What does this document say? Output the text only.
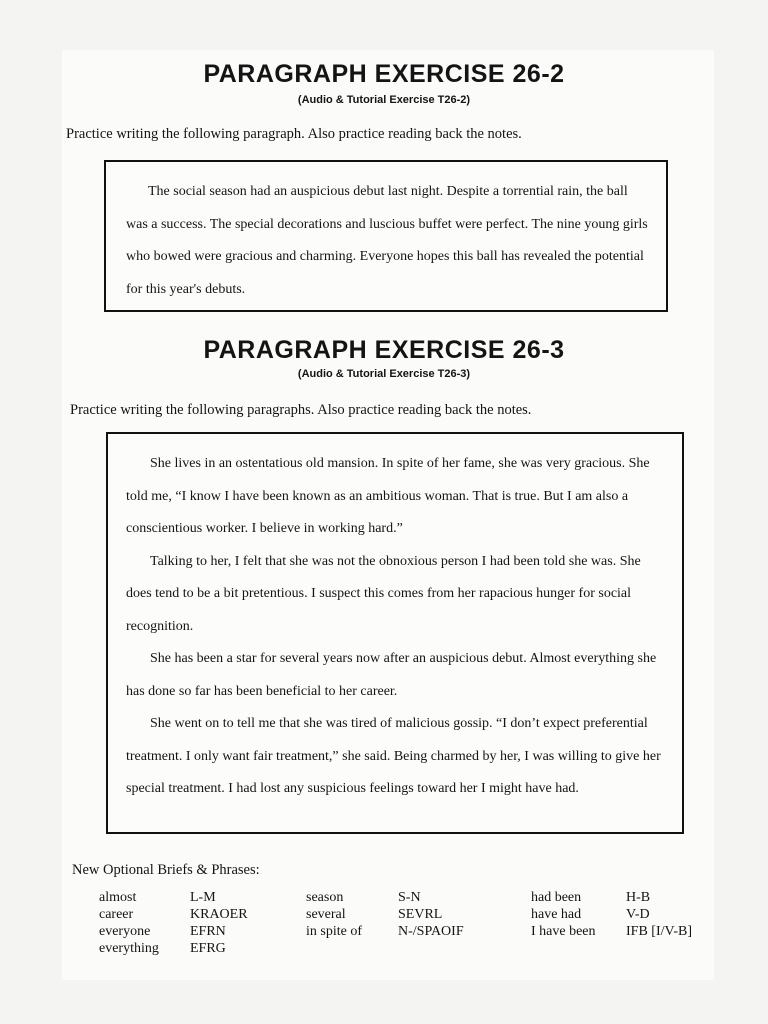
PARAGRAPH EXERCISE 26-2
(Audio & Tutorial Exercise T26-2)
Practice writing the following paragraph. Also practice reading back the notes.

The social season had an auspicious debut last night. Despite a torrential rain, the ball was a success. The special decorations and luscious buffet were perfect. The nine young girls who bowed were gracious and charming. Everyone hopes this ball has revealed the potential for this year's debuts.

PARAGRAPH EXERCISE 26-3
(Audio & Tutorial Exercise T26-3)
Practice writing the following paragraphs. Also practice reading back the notes.

She lives in an ostentatious old mansion. In spite of her fame, she was very gracious. She told me, “I know I have been known as an ambitious woman. That is true. But I am also a conscientious worker. I believe in working hard.”

Talking to her, I felt that she was not the obnoxious person I had been told she was. She does tend to be a bit pretentious. I suspect this comes from her rapacious hunger for social recognition.

She has been a star for several years now after an auspicious debut. Almost everything she has done so far has been beneficial to her career.

She went on to tell me that she was tired of malicious gossip. “I don’t expect preferential treatment. I only want fair treatment,” she said. Being charmed by her, I was willing to give her special treatment. I had lost any suspicious feelings toward her I might have had.

New Optional Briefs & Phrases:
almost
career
everyone
everything
L-M
KRAOER
EFRN
EFRG
season
several
in spite of
S-N
SEVRL
N-/SPAOIF
had been
have had
I have been
H-B
V-D
IFB [I/V-B]
